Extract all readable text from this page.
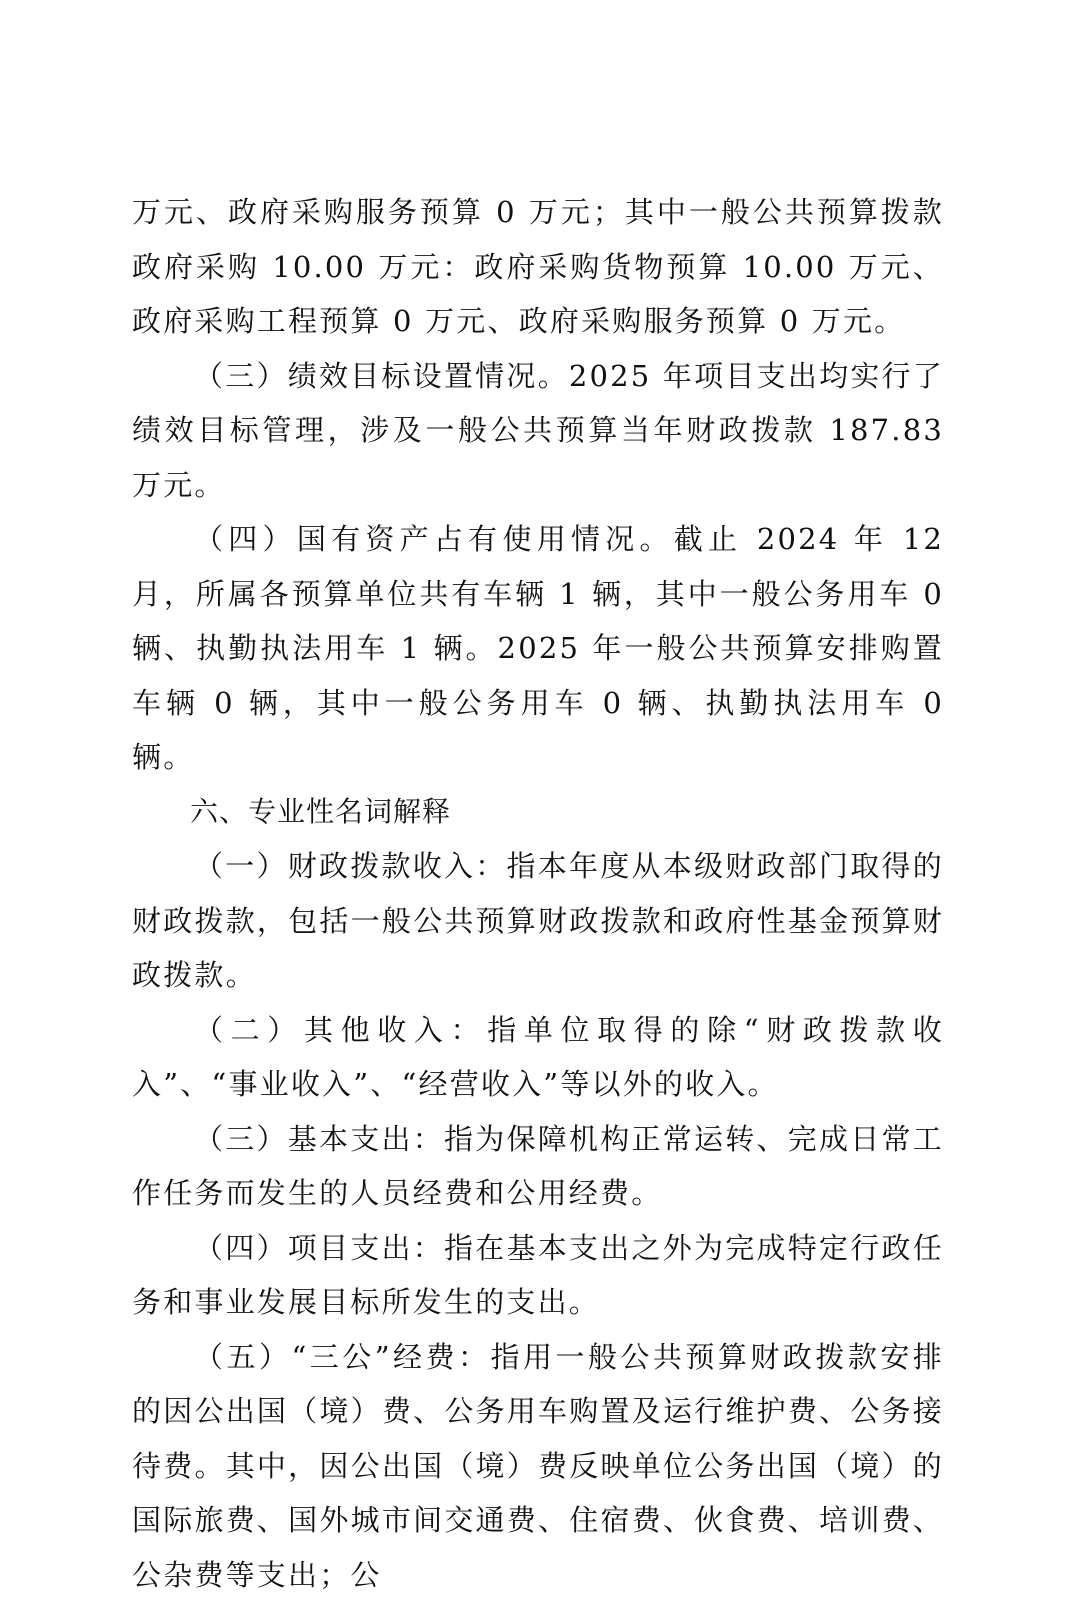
万元、政府采购服务预算 0 万元；其中一般公共预算拨款政府采购 10.00 万元：政府采购货物预算 10.00 万元、政府采购工程预算 0 万元、政府采购服务预算 0 万元。

（三）绩效目标设置情况。2025 年项目支出均实行了绩效目标管理，涉及一般公共预算当年财政拨款 187.83 万元。

（四）国有资产占有使用情况。截止 2024 年 12 月，所属各预算单位共有车辆 1 辆，其中一般公务用车 0 辆、执勤执法用车 1 辆。2025 年一般公共预算安排购置车辆 0 辆，其中一般公务用车 0 辆、执勤执法用车 0 辆。

六、专业性名词解释

（一）财政拨款收入：指本年度从本级财政部门取得的财政拨款，包括一般公共预算财政拨款和政府性基金预算财政拨款。

（二）其他收入：指单位取得的除“财政拨款收入”、“事业收入”、“经营收入”等以外的收入。

（三）基本支出：指为保障机构正常运转、完成日常工作任务而发生的人员经费和公用经费。

（四）项目支出：指在基本支出之外为完成特定行政任务和事业发展目标所发生的支出。

（五）“三公”经费：指用一般公共预算财政拨款安排的因公出国（境）费、公务用车购置及运行维护费、公务接待费。其中，因公出国（境）费反映单位公务出国（境）的国际旅费、国外城市间交通费、住宿费、伙食费、培训费、公杂费等支出；公
